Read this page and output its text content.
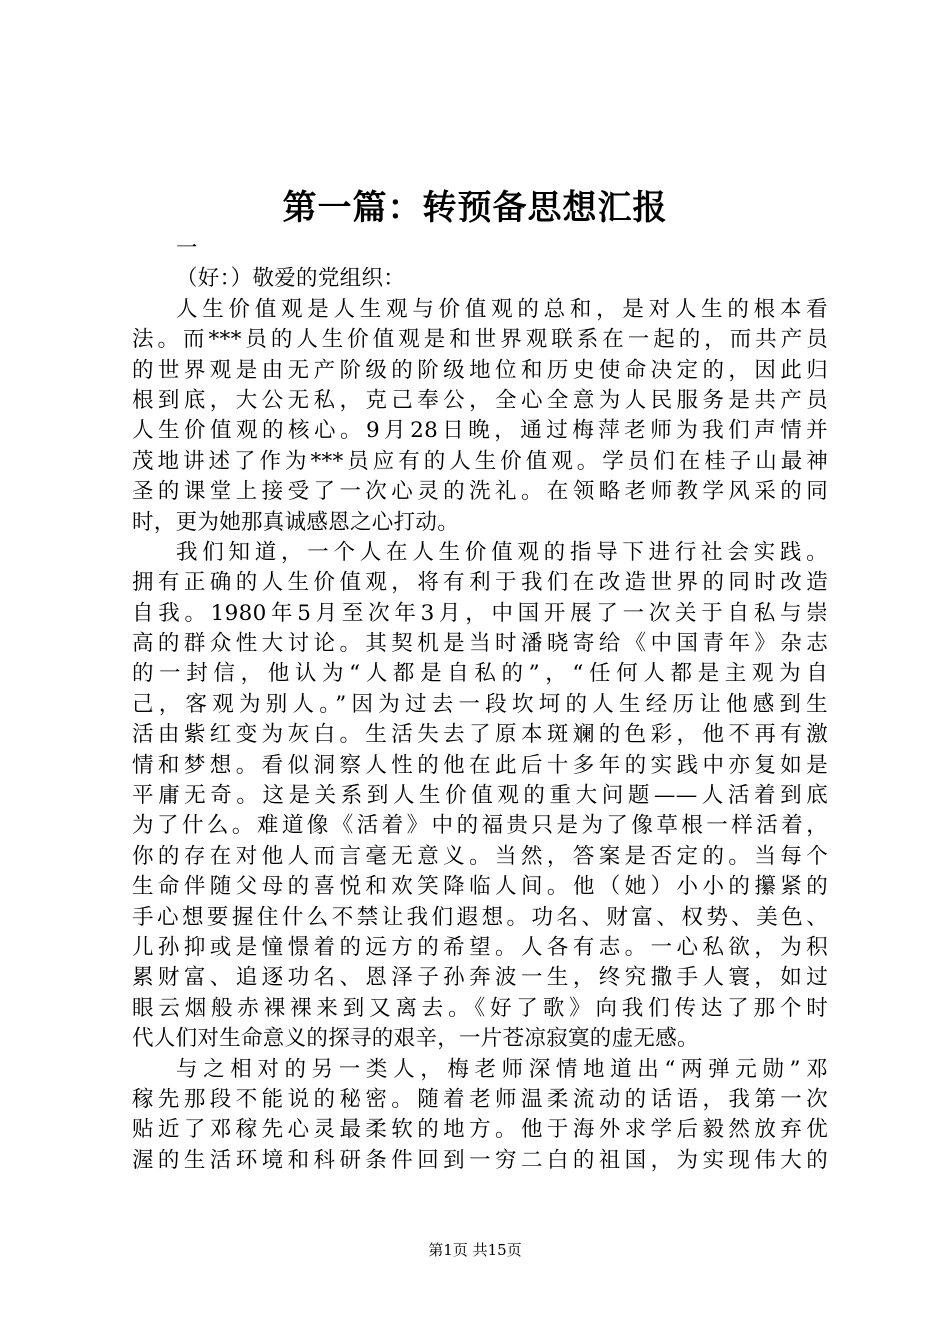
第一篇：转预备思想汇报
一
（好：）敬爱的党组织：
人生价值观是人生观与价值观的总和，是对人生的根本看
法。而***员的人生价值观是和世界观联系在一起的，而共产员
的世界观是由无产阶级的阶级地位和历史使命决定的，因此归
根到底，大公无私，克己奉公，全心全意为人民服务是共产员
人生价值观的核心。9月28日晚，通过梅萍老师为我们声情并
茂地讲述了作为***员应有的人生价值观。学员们在桂子山最神
圣的课堂上接受了一次心灵的洗礼。在领略老师教学风采的同
时，更为她那真诚感恩之心打动。
我们知道，一个人在人生价值观的指导下进行社会实践。
拥有正确的人生价值观，将有利于我们在改造世界的同时改造
自我。1980年5月至次年3月，中国开展了一次关于自私与崇
高的群众性大讨论。其契机是当时潘晓寄给《中国青年》杂志
的一封信，他认为“人都是自私的”，“任何人都是主观为自
己，客观为别人。”因为过去一段坎坷的人生经历让他感到生
活由紫红变为灰白。生活失去了原本斑斓的色彩，他不再有激
情和梦想。看似洞察人性的他在此后十多年的实践中亦复如是
平庸无奇。这是关系到人生价值观的重大问题——人活着到底
为了什么。难道像《活着》中的福贵只是为了像草根一样活着，
你的存在对他人而言毫无意义。当然，答案是否定的。当每个
生命伴随父母的喜悦和欢笑降临人间。他（她）小小的攥紧的
手心想要握住什么不禁让我们遐想。功名、财富、权势、美色、
儿孙抑或是憧憬着的远方的希望。人各有志。一心私欲，为积
累财富、追逐功名、恩泽子孙奔波一生，终究撒手人寰，如过
眼云烟般赤裸裸来到又离去。《好了歌》向我们传达了那个时
代人们对生命意义的探寻的艰辛，一片苍凉寂寞的虚无感。
与之相对的另一类人，梅老师深情地道出“两弹元勋”邓
稼先那段不能说的秘密。随着老师温柔流动的话语，我第一次
贴近了邓稼先心灵最柔软的地方。他于海外求学后毅然放弃优
渥的生活环境和科研条件回到一穷二白的祖国，为实现伟大的
第1页 共15页
